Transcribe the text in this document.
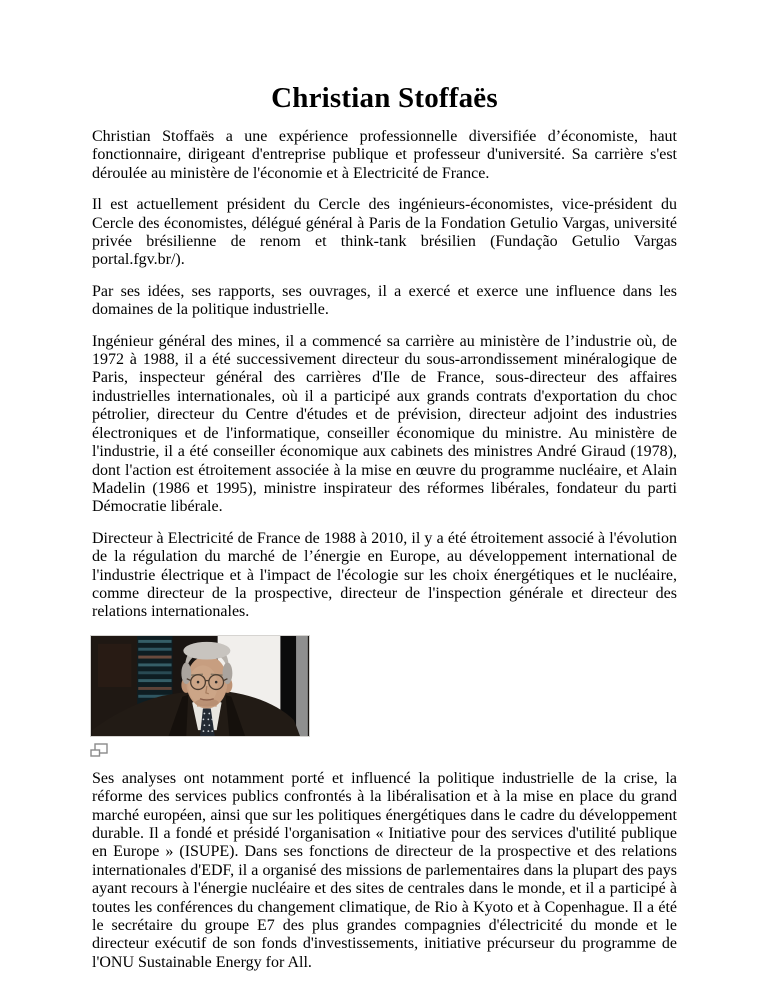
Christian Stoffaës

Christian Stoffaës a une expérience professionnelle diversifiée d’économiste, haut fonctionnaire, dirigeant d'entreprise publique et professeur d'université. Sa carrière s'est déroulée au ministère de l'économie et à Electricité de France.

Il est actuellement président du Cercle des ingénieurs-économistes, vice-président du Cercle des économistes, délégué général à Paris de la Fondation Getulio Vargas, université privée brésilienne de renom et think-tank brésilien (Fundação Getulio Vargas portal.fgv.br/).

Par ses idées, ses rapports, ses ouvrages, il a exercé et exerce une influence dans les domaines de la politique industrielle.

Ingénieur général des mines, il a commencé sa carrière au ministère de l’industrie où, de 1972 à 1988, il a été successivement directeur du sous-arrondissement minéralogique de Paris, inspecteur général des carrières d'Ile de France, sous-directeur des affaires industrielles internationales, où il a participé aux grands contrats d'exportation du choc pétrolier, directeur du Centre d'études et de prévision, directeur adjoint des industries électroniques et de l'informatique, conseiller économique du ministre. Au ministère de l'industrie, il a été conseiller économique aux cabinets des ministres André Giraud (1978), dont l'action est étroitement associée à la mise en œuvre du programme nucléaire, et Alain Madelin (1986 et 1995), ministre inspirateur des réformes libérales, fondateur du parti Démocratie libérale.

Directeur à Electricité de France de 1988 à 2010, il y a été étroitement associé à l'évolution de la régulation du marché de l’énergie en Europe, au développement international de l'industrie électrique et à l'impact de l'écologie sur les choix énergétiques et le nucléaire, comme directeur de la prospective, directeur de l'inspection générale et directeur des relations internationales.

Ses analyses ont notamment porté et influencé la politique industrielle de la crise, la réforme des services publics confrontés à la libéralisation et à la mise en place du grand marché européen, ainsi que sur les politiques énergétiques dans le cadre du développement durable. Il a fondé et présidé l'organisation « Initiative pour des services d'utilité publique en Europe » (ISUPE). Dans ses fonctions de directeur de la prospective et des relations internationales d'EDF, il a organisé des missions de parlementaires dans la plupart des pays ayant recours à l'énergie nucléaire et des sites de centrales dans le monde, et il a participé à toutes les conférences du changement climatique, de Rio à Kyoto et à Copenhague. Il a été le secrétaire du groupe E7 des plus grandes compagnies d'électricité du monde et le directeur exécutif de son fonds d'investissements, initiative précurseur du programme de l'ONU Sustainable Energy for All.
